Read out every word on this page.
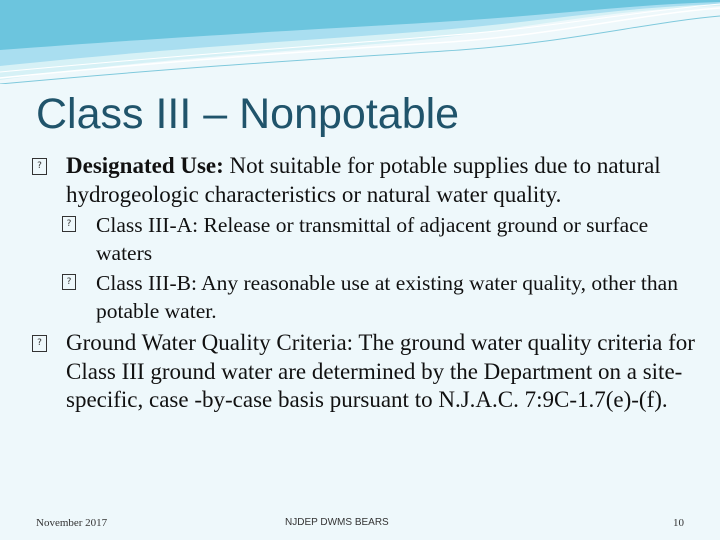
Class III – Nonpotable

? Designated Use: Not suitable for potable supplies due to natural hydrogeologic characteristics or natural water quality.

? Class III-A: Release or transmittal of adjacent ground or surface waters

? Class III-B: Any reasonable use at existing water quality, other than potable water.

? Ground Water Quality Criteria: The ground water quality criteria for Class III ground water are determined by the Department on a site-specific, case -by-case basis pursuant to N.J.A.C. 7:9C-1.7(e)-(f).

November 2017	NJDEP DWMS BEARS	10
